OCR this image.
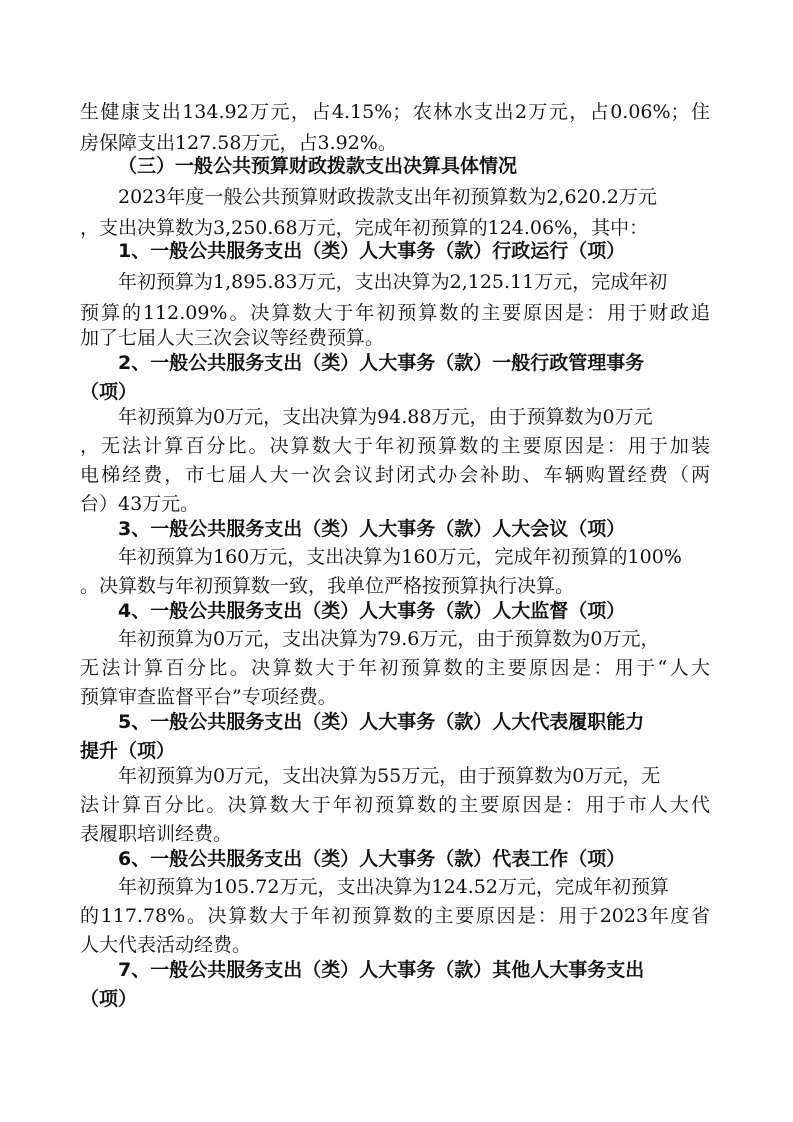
生健康支出134.92万元，占4.15%；农林水支出2万元，占0.06%；住
房保障支出127.58万元，占3.92%。
（三）一般公共预算财政拨款支出决算具体情况
2023年度一般公共预算财政拨款支出年初预算数为2,620.2万元
，支出决算数为3,250.68万元，完成年初预算的124.06%，其中：
1、一般公共服务支出（类）人大事务（款）行政运行（项）
年初预算为1,895.83万元，支出决算为2,125.11万元，完成年初
预算的112.09%。决算数大于年初预算数的主要原因是：用于财政追
加了七届人大三次会议等经费预算。
2、一般公共服务支出（类）人大事务（款）一般行政管理事务
（项）
年初预算为0万元，支出决算为94.88万元，由于预算数为0万元
，无法计算百分比。决算数大于年初预算数的主要原因是：用于加装
电梯经费，市七届人大一次会议封闭式办会补助、车辆购置经费（两
台）43万元。
3、一般公共服务支出（类）人大事务（款）人大会议（项）
年初预算为160万元，支出决算为160万元，完成年初预算的100%
。决算数与年初预算数一致，我单位严格按预算执行决算。
4、一般公共服务支出（类）人大事务（款）人大监督（项）
年初预算为0万元，支出决算为79.6万元，由于预算数为0万元，
无法计算百分比。决算数大于年初预算数的主要原因是：用于“人大
预算审查监督平台”专项经费。
5、一般公共服务支出（类）人大事务（款）人大代表履职能力
提升（项）
年初预算为0万元，支出决算为55万元，由于预算数为0万元，无
法计算百分比。决算数大于年初预算数的主要原因是：用于市人大代
表履职培训经费。
6、一般公共服务支出（类）人大事务（款）代表工作（项）
年初预算为105.72万元，支出决算为124.52万元，完成年初预算
的117.78%。决算数大于年初预算数的主要原因是：用于2023年度省
人大代表活动经费。
7、一般公共服务支出（类）人大事务（款）其他人大事务支出
（项）
